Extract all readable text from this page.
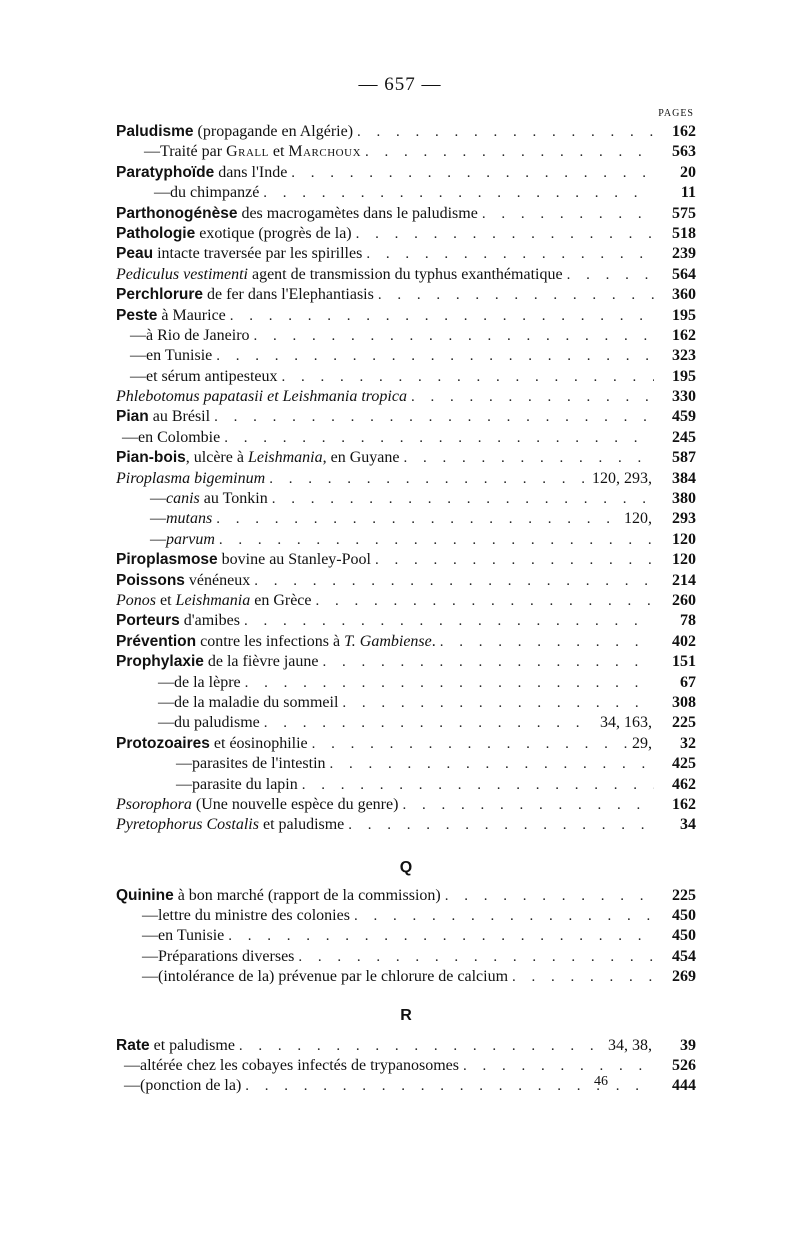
— 657 —
PAGES
Paludisme (propagande en Algérie) . . .	162
—Traité par Grall et Marchoux . . .	563
Paratyphoïde dans l'Inde . . .	20
—du chimpanzé . . .	11
Parthonogénèse des macrogamètes dans le paludisme . . .	575
Pathologie exotique (progrès de la) . . .	518
Peau intacte traversée par les spirilles . . .	239
Pediculus vestimenti agent de transmission du typhus exanthématique . . .	564
Perchlorure de fer dans l'Elephantiasis . . .	360
Peste à Maurice . . .	195
—à Rio de Janeiro . . .	162
—en Tunisie . . .	323
—et sérum antipesteux . . .	195
Phlebotomus papatasii et Leishmania tropica . . .	330
Pian au Brésil . . .	459
—en Colombie . . .	245
Pian-bois, ulcère à Leishmania, en Guyane . . .	587
Piroplasma bigeminum . . .	120, 293,	384
—canis au Tonkin . . .	380
—mutans . . .	120,	293
—parvum . . .	120
Piroplasmose bovine au Stanley-Pool . . .	120
Poissons vénéneux . . .	214
Ponos et Leishmania en Grèce . . .	260
Porteurs d'amibes . . .	78
Prévention contre les infections à T. Gambiense. . . .	402
Prophylaxie de la fièvre jaune . . .	151
—de la lèpre . . .	67
—de la maladie du sommeil . . .	308
—du paludisme . . .	34, 163,	225
Protozoaires et éosinophilie . . .	29,	32
—parasites de l'intestin . . .	425
—parasite du lapin . . .	462
Psorophora (Une nouvelle espèce du genre) . . .	162
Pyretophorus Costalis et paludisme . . .	34
Q
Quinine à bon marché (rapport de la commission) . . .	225
—lettre du ministre des colonies . . .	450
—en Tunisie . . .	450
—Préparations diverses . . .	454
—(intolérance de la) prévenue par le chlorure de calcium . . .	269
R
Rate et paludisme . . .	34, 38,	39
—altérée chez les cobayes infectés de trypanosomes . . .	526
—(ponction de la) . . .	444
46
